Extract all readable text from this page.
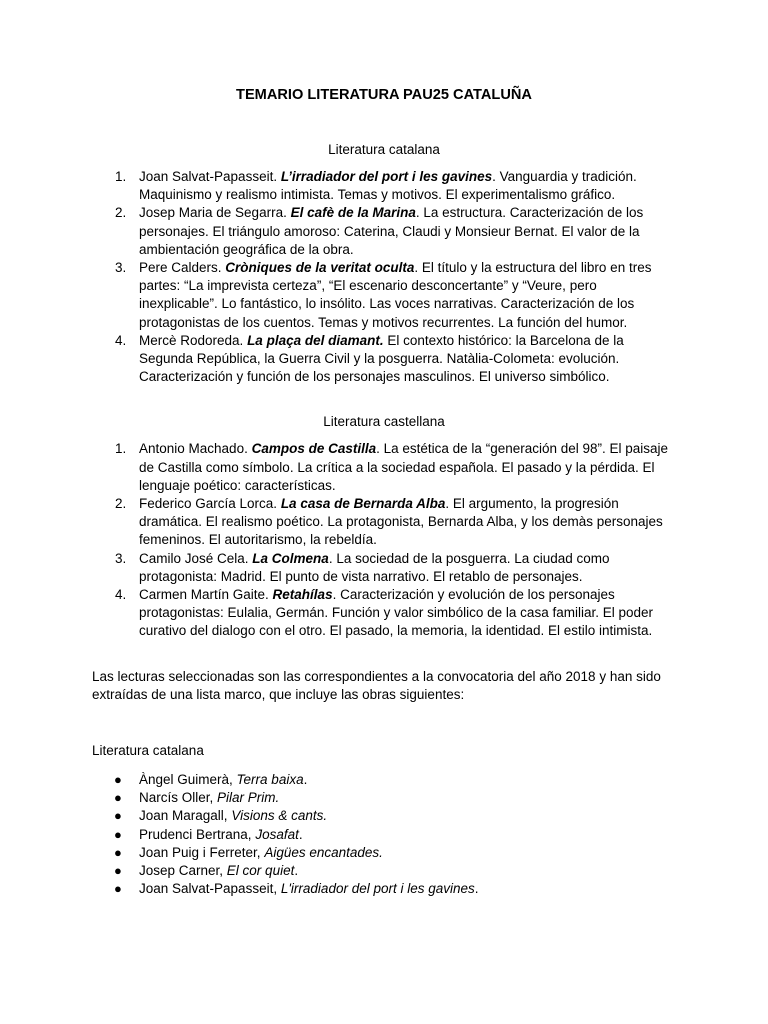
TEMARIO LITERATURA PAU25 CATALUÑA
Literatura catalana
1. Joan Salvat-Papasseit. L’irradiador del port i les gavines. Vanguardia y tradición. Maquinismo y realismo intimista. Temas y motivos. El experimentalismo gráfico.
2. Josep Maria de Segarra. El cafè de la Marina. La estructura. Caracterización de los personajes. El triángulo amoroso: Caterina, Claudi y Monsieur Bernat. El valor de la ambientación geográfica de la obra.
3. Pere Calders. Cròniques de la veritat oculta. El título y la estructura del libro en tres partes: “La imprevista certeza”, “El escenario desconcertante” y “Veure, pero inexplicable”. Lo fantástico, lo insólito. Las voces narrativas. Caracterización de los protagonistas de los cuentos. Temas y motivos recurrentes. La función del humor.
4. Mercè Rodoreda. La plaça del diamant. El contexto histórico: la Barcelona de la Segunda República, la Guerra Civil y la posguerra. Natàlia-Colometa: evolución. Caracterización y función de los personajes masculinos. El universo simbólico.
Literatura castellana
1. Antonio Machado. Campos de Castilla. La estética de la “generación del 98”. El paisaje de Castilla como símbolo. La crítica a la sociedad española. El pasado y la pérdida. El lenguaje poético: características.
2. Federico García Lorca. La casa de Bernarda Alba. El argumento, la progresión dramática. El realismo poético. La protagonista, Bernarda Alba, y los demàs personajes femeninos. El autoritarismo, la rebeldía.
3. Camilo José Cela. La Colmena. La sociedad de la posguerra. La ciudad como protagonista: Madrid. El punto de vista narrativo. El retablo de personajes.
4. Carmen Martín Gaite. Retahílas. Caracterización y evolución de los personajes protagonistas: Eulalia, Germán. Función y valor simbólico de la casa familiar. El poder curativo del dialogo con el otro. El pasado, la memoria, la identidad. El estilo intimista.

Las lecturas seleccionadas son las correspondientes a la convocatoria del año 2018 y han sido extraídas de una lista marco, que incluye las obras siguientes:

Literatura catalana
● Àngel Guimerà, Terra baixa.
● Narcís Oller, Pilar Prim.
● Joan Maragall, Visions & cants.
● Prudenci Bertrana, Josafat.
● Joan Puig i Ferreter, Aigües encantades.
● Josep Carner, El cor quiet.
● Joan Salvat-Papasseit, L'irradiador del port i les gavines.
